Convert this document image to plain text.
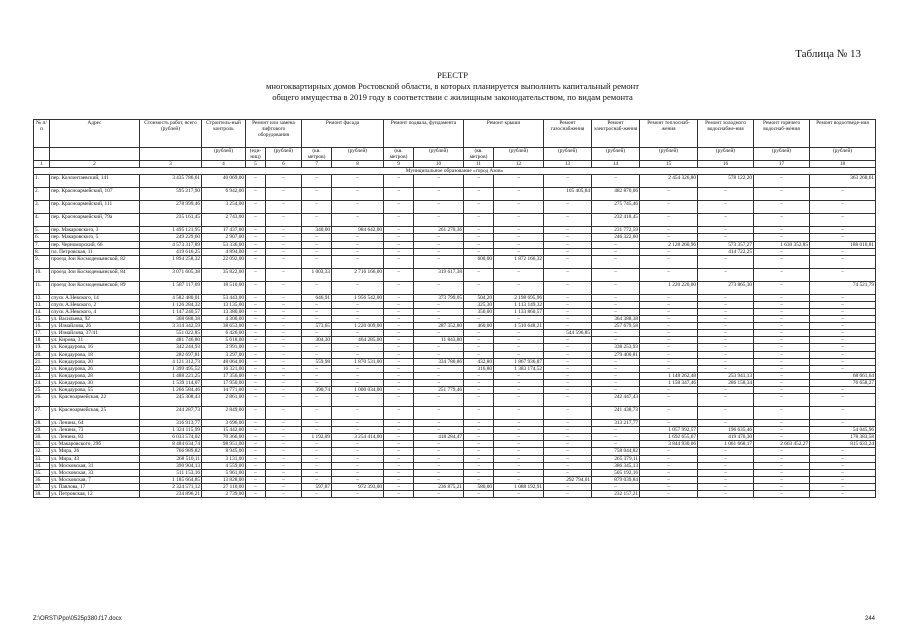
Таблица № 13
РЕЕСТР
многоквартирных домов Ростовской области, в которых планируется выполнить капитальный ремонт
общего имущества в 2019 году в соответствии с жилищным законодательством, по видам ремонта
№ п/п	Адрес	Стоимость работ, всего (рублей)	Строитель-ный контроль	Ремонт или замена лифтового оборудования		Ремонт фасада		Ремонт подвала, фундамента		Ремонт крыши		Ремонт газоснабжения	Ремонт электроснаб-жения	Ремонт теплоснаб-жения	Ремонт холодного водоснабже-ния	Ремонт горячего водоснаб-жения	Ремонт водоотведе-ния
			(рублей)	(еди-ниц)	(рублей)	(кв. метров)	(рублей)	(кв. метров)	(рублей)	(кв. метров)	(рублей)	(рублей)	(рублей)	(рублей)	(рублей)	(рублей)	(рублей)
1	2	3	4	5	6	7	8	9	10	11	12	13	14	15	16	17	18
Муниципальное образование «город Азов»																	
1.	пер. Коллонтаевский, 141	3 435 786,61	40 069,00	–	–	–	–	–	–	–	–	–	–	2 454 326,80	578 122,20	–	363 268,61
2.	пер. Красноармейский, 107	595 217,90	6 942,00	–	–	–	–	–	–	–	–	105 405,84	482 870,06	–	–	–	–
3.	пер. Красноармейский, 111	278 999,46	3 254,00	–	–	–	–	–	–	–	–	–	275 745,46	–	–	–	–
4.	пер. Красноармейский, 79а	235 161,45	2 743,00	–	–	–	–	–	–	–	–	–	232 418,45	–	–	–	–
5.	пер. Макаровского, 3	1 495 121,95	17 437,00	–	–	340,00	984 642,00	–	261 270,36	–	–	–	231 772,59	–	–	–	–
6.	пер. Макаровского, 5	249 229,60	2 907,00	–	–	–	–	–	–	–	–	–	246 322,60	–	–	–	–
7.	пер. Черноморский, 66	4 573 317,89	53 336,00	–	–	–	–	–	–	–	–	–	–	2 128 260,96	573 357,27	1 630 352,85	188 010,81
8.	пл. Петровская, 11	419 616,25	4 894,00	–	–	–	–	–	–	–	–	–	–	–	414 722,25	–	–
9.	проезд Зои Космодемьянской, 82	1 894 258,32	22 092,00	–	–	–	–	–	–	600,00	1 872 166,32	–	–	–	–	–	–
10.	проезд Зои Космодемьянской, 84	3 071 605,38	35 822,00	–	–	1 003,33	2 716 166,00	–	319 617,38	–	–	–	–	–	–	–	–
11.	проезд Зои Космодемьянской, 89	1 587 117,09	18 510,00	–	–	–	–	–	–	–	–	–	–	1 220 220,00	273 865,30	–	74 521,79
12.	спуск А.Невского, 14	4 582 480,01	53 443,00	–	–	646,91	1 956 542,00	–	373 799,05	504,20	2 198 695,96	–	–	–	–	–	–
13.	спуск А.Невского, 2	1 126 284,32	13 135,00	–	–	–	–	–	–	325,30	1 113 149,32	–	–	–	–	–	–
14.	спуск А.Невского, 4	1 147 240,57	13 380,00	–	–	–	–	–	–	350,00	1 133 860,57	–	–	–	–	–	–
15.	ул. Васильева, 92	368 688,38	4 300,00	–	–	–	–	–	–	–	–	–	364 388,38	–	–	–	–
16.	ул. Измайлова, 26	3 314 342,59	38 653,00	–	–	573,65	1 220 009,00	–	287 352,80	460,00	1 510 648,21	–	257 679,58	–	–	–	–
17.	ул. Измайлова, 37/41	551 022,85	6 426,00	–	–	–	–	–	–	–	–	544 596,85	–	–	–	–	–
18.	ул. Кирова, 31	481 746,80	5 618,00	–	–	304,30	464 285,00	–	11 843,80	–	–	–	–	–	–	–	–
19.	ул. Кондаурова, 16	342 244,93	3 991,00	–	–	–	–	–	–	–	–	–	338 253,93	–	–	–	–
20.	ул. Кондаурова, 18	282 697,81	3 297,00	–	–	–	–	–	–	–	–	–	279 400,81	–	–	–	–
21.	ул. Кондаурова, 20	4 121 312,73	48 064,00	–	–	559,98	1 870 531,00	–	334 780,86	432,80	1 867 936,87	–	–	–	–	–	–
22.	ул. Кондаурова, 26	1 399 495,52	16 321,00	–	–	–	–	–	–	316,80	1 383 174,52	–	–	–	–	–	–
23.	ул. Кондаурова, 28	1 488 221,25	17 356,00	–	–	–	–	–	–	–	–	–	–	1 148 262,48	253 941,13	–	68 661,64
24.	ул. Кондаурова, 30	1 539 114,07	17 950,00	–	–	–	–	–	–	–	–	–	–	1 158 347,46	286 158,34	–	76 658,27
25.	ул. Кондаурова, 55	1 266 584,46	14 771,00	–	–	390,74	1 000 034,00	–	251 779,46	–	–	–	–	–	–	–	–
26.	ул. Красноармейская, 22	245 308,43	2 861,00	–	–	–	–	–	–	–	–	–	242 447,43	–	–	–	–
27.	ул. Красноармейская, 25	244 287,73	2 849,00	–	–	–	–	–	–	–	–	–	241 438,73	–	–	–	–
28.	ул. Ленина, 64	316 913,77	3 696,00	–	–	–	–	–	–	–	–	–	313 217,77	–	–	–	–
29.	ул. Ленина, 73	1 324 115,99	15 442,00	–	–	–	–	–	–	–	–	–	–	1 057 992,57	196 635,46	–	54 045,96
30.	ул. Ленина, 83	6 033 574,02	70 366,00	–	–	1 192,09	3 254 414,00	–	418 284,47	–	–	–	–	1 692 655,67	419 470,30	–	178 383,58
31.	ул. Макаровского, 29б	8 484 634,74	98 951,00	–	–	–	–	–	–	–	–	–	–	3 844 930,06	1 061 668,17	2 663 452,27	815 633,24
32.	ул. Мира, 26	766 989,82	8 945,00	–	–	–	–	–	–	–	–	–	758 044,82	–	–	–	–
33.	ул. Мира, 43	268 510,11	3 131,00	–	–	–	–	–	–	–	–	–	265 379,11	–	–	–	–
34.	ул. Московская, 31	390 904,13	4 559,00	–	–	–	–	–	–	–	–	–	386 345,13	–	–	–	–
35.	ул. Московская, 33	511 153,16	5 961,00	–	–	–	–	–	–	–	–	–	505 192,16	–	–	–	–
36.	ул. Московская, 7	1 185 664,85	13 828,00	–	–	–	–	–	–	–	–	292 794,01	879 039,84	–	–	–	–
37.	ул. Павлова, 17	2 324 571,12	27 110,00	–	–	597,87	972 393,00	–	236 875,21	580,00	1 088 192,91	–	–	–	–	–	–
38.	ул. Петровская, 12	234 896,21	2 739,00	–	–	–	–	–	–	–	–	–	232 157,21	–	–	–	–
Z:\ORST\Ppo\0525p380.f17.docx	244
